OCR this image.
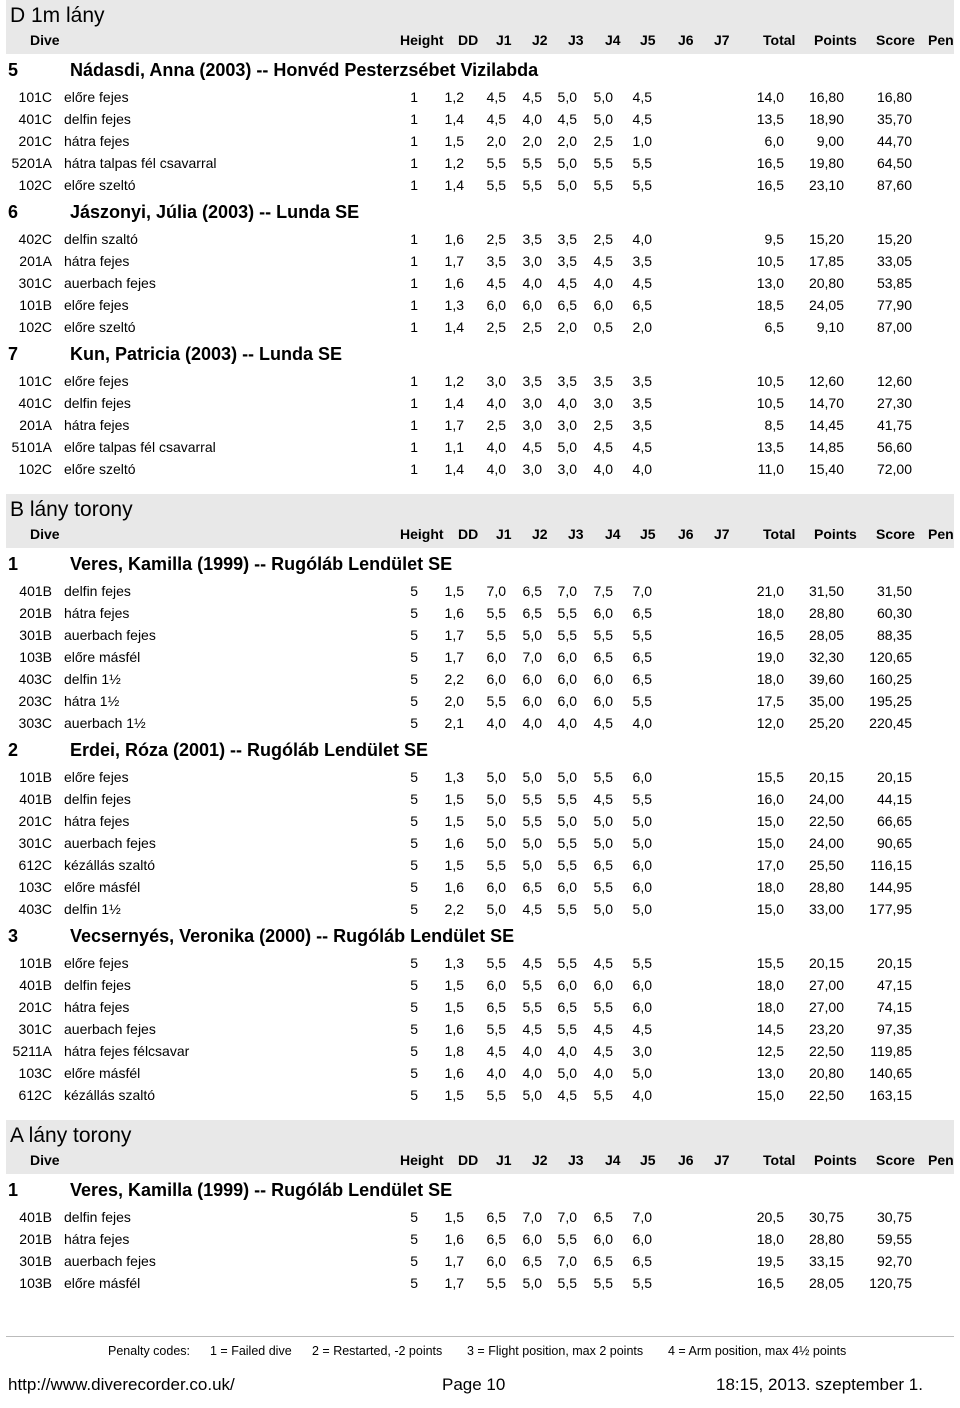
D 1m lány
Dive	Height DD J1 J2 J3 J4 J5 J6 J7 Total Points Score Pen
5	Nádasdi, Anna (2003) -- Honvéd Pesterzsébet Vizilabda
101C előre fejes	1	1,2	4,5	4,5	5,0	5,0	4,5	14,0	16,80	16,80
401C delfin fejes	1	1,4	4,5	4,0	4,5	5,0	4,5	13,5	18,90	35,70
201C hátra fejes	1	1,5	2,0	2,0	2,0	2,5	1,0	6,0	9,00	44,70
5201A hátra talpas fél csavarral	1	1,2	5,5	5,5	5,0	5,5	5,5	16,5	19,80	64,50
102C előre szeltó	1	1,4	5,5	5,5	5,0	5,5	5,5	16,5	23,10	87,60
6	Jászonyi, Júlia (2003) -- Lunda SE
402C delfin szaltó	1	1,6	2,5	3,5	3,5	2,5	4,0	9,5	15,20	15,20
201A hátra fejes	1	1,7	3,5	3,0	3,5	4,5	3,5	10,5	17,85	33,05
301C auerbach fejes	1	1,6	4,5	4,0	4,5	4,0	4,5	13,0	20,80	53,85
101B előre fejes	1	1,3	6,0	6,0	6,5	6,0	6,5	18,5	24,05	77,90
102C előre szeltó	1	1,4	2,5	2,5	2,0	0,5	2,0	6,5	9,10	87,00
7	Kun, Patricia (2003) -- Lunda SE
101C előre fejes	1	1,2	3,0	3,5	3,5	3,5	3,5	10,5	12,60	12,60
401C delfin fejes	1	1,4	4,0	3,0	4,0	3,0	3,5	10,5	14,70	27,30
201A hátra fejes	1	1,7	2,5	3,0	3,0	2,5	3,5	8,5	14,45	41,75
5101A előre talpas fél csavarral	1	1,1	4,0	4,5	5,0	4,5	4,5	13,5	14,85	56,60
102C előre szeltó	1	1,4	4,0	3,0	3,0	4,0	4,0	11,0	15,40	72,00
B lány torony
Dive	Height DD J1 J2 J3 J4 J5 J6 J7 Total Points Score Pen
1	Veres, Kamilla (1999) -- Rugóláb Lendület SE
401B delfin fejes	5	1,5	7,0	6,5	7,0	7,5	7,0	21,0	31,50	31,50
201B hátra fejes	5	1,6	5,5	6,5	5,5	6,0	6,5	18,0	28,80	60,30
301B auerbach fejes	5	1,7	5,5	5,0	5,5	5,5	5,5	16,5	28,05	88,35
103B előre másfél	5	1,7	6,0	7,0	6,0	6,5	6,5	19,0	32,30	120,65
403C delfin 1½	5	2,2	6,0	6,0	6,0	6,0	6,5	18,0	39,60	160,25
203C hátra 1½	5	2,0	5,5	6,0	6,0	6,0	5,5	17,5	35,00	195,25
303C auerbach 1½	5	2,1	4,0	4,0	4,0	4,5	4,0	12,0	25,20	220,45
2	Erdei, Róza (2001) -- Rugóláb Lendület SE
101B előre fejes	5	1,3	5,0	5,0	5,0	5,5	6,0	15,5	20,15	20,15
401B delfin fejes	5	1,5	5,0	5,5	5,5	4,5	5,5	16,0	24,00	44,15
201C hátra fejes	5	1,5	5,0	5,5	5,0	5,0	5,0	15,0	22,50	66,65
301C auerbach fejes	5	1,6	5,0	5,0	5,5	5,0	5,0	15,0	24,00	90,65
612C kézállás szaltó	5	1,5	5,5	5,0	5,5	6,5	6,0	17,0	25,50	116,15
103C előre másfél	5	1,6	6,0	6,5	6,0	5,5	6,0	18,0	28,80	144,95
403C delfin 1½	5	2,2	5,0	4,5	5,5	5,0	5,0	15,0	33,00	177,95
3	Vecsernyés, Veronika (2000) -- Rugóláb Lendület SE
101B előre fejes	5	1,3	5,5	4,5	5,5	4,5	5,5	15,5	20,15	20,15
401B delfin fejes	5	1,5	6,0	5,5	6,0	6,0	6,0	18,0	27,00	47,15
201C hátra fejes	5	1,5	6,5	5,5	6,5	5,5	6,0	18,0	27,00	74,15
301C auerbach fejes	5	1,6	5,5	4,5	5,5	4,5	4,5	14,5	23,20	97,35
5211A hátra fejes félcsavar	5	1,8	4,5	4,0	4,0	4,5	3,0	12,5	22,50	119,85
103C előre másfél	5	1,6	4,0	4,0	5,0	4,0	5,0	13,0	20,80	140,65
612C kézállás szaltó	5	1,5	5,5	5,0	4,5	5,5	4,0	15,0	22,50	163,15
A lány torony
Dive	Height DD J1 J2 J3 J4 J5 J6 J7 Total Points Score Pen
1	Veres, Kamilla (1999) -- Rugóláb Lendület SE
401B delfin fejes	5	1,5	6,5	7,0	7,0	6,5	7,0	20,5	30,75	30,75
201B hátra fejes	5	1,6	6,5	6,0	5,5	6,0	6,0	18,0	28,80	59,55
301B auerbach fejes	5	1,7	6,0	6,5	7,0	6,5	6,5	19,5	33,15	92,70
103B előre másfél	5	1,7	5,5	5,0	5,5	5,5	5,5	16,5	28,05	120,75
Penalty codes: 1 = Failed dive 2 = Restarted, -2 points 3 = Flight position, max 2 points 4 = Arm position, max 4½ points
http://www.diverecorder.co.uk/	Page 10	18:15, 2013. szeptember 1.
